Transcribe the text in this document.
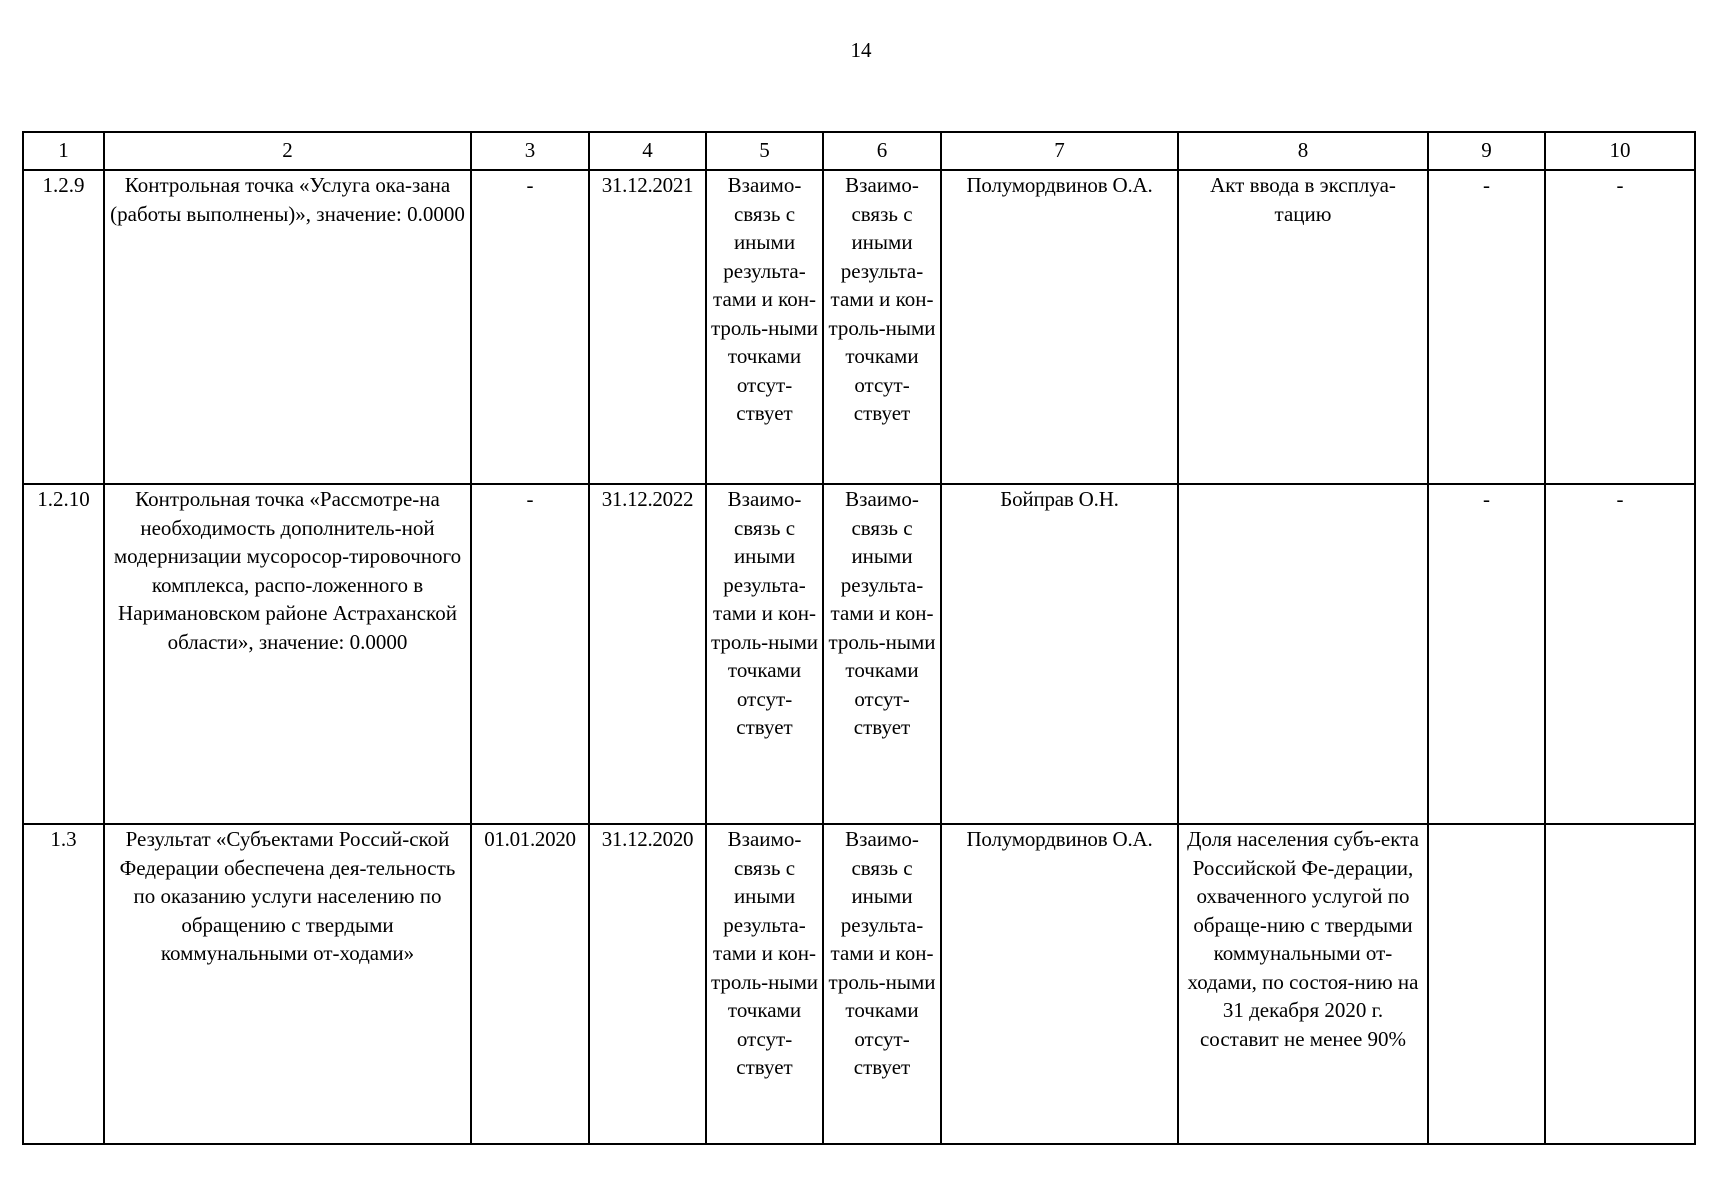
14
1	2	3	4	5	6	7	8	9	10
1.2.9	Контрольная точка «Услуга ока-зана (работы выполнены)», значение: 0.0000	-	31.12.2021	Взаимо-связь с иными результа-тами и кон-троль-ными точками отсут-ствует	Взаимо-связь с иными результа-тами и кон-троль-ными точками отсут-ствует	Полумордвинов О.А.	Акт ввода в эксплуа-тацию	-	-
1.2.10	Контрольная точка «Рассмотре-на необходимость дополнитель-ной модернизации мусоросор-тировочного комплекса, распо-ложенного в Наримановском районе Астраханской области», значение: 0.0000	-	31.12.2022	Взаимо-связь с иными результа-тами и кон-троль-ными точками отсут-ствует	Взаимо-связь с иными результа-тами и кон-троль-ными точками отсут-ствует	Бойправ О.Н.		-	-
1.3	Результат «Субъектами Россий-ской Федерации обеспечена дея-тельность по оказанию услуги населению по обращению с твердыми коммунальными от-ходами»	01.01.2020	31.12.2020	Взаимо-связь с иными результа-тами и кон-троль-ными точками отсут-ствует	Взаимо-связь с иными результа-тами и кон-троль-ными точками отсут-ствует	Полумордвинов О.А.	Доля населения субъ-екта Российской Фе-дерации, охваченного услугой по обраще-нию с твердыми коммунальными от-ходами, по состоя-нию на 31 декабря 2020 г. составит не менее 90%		
